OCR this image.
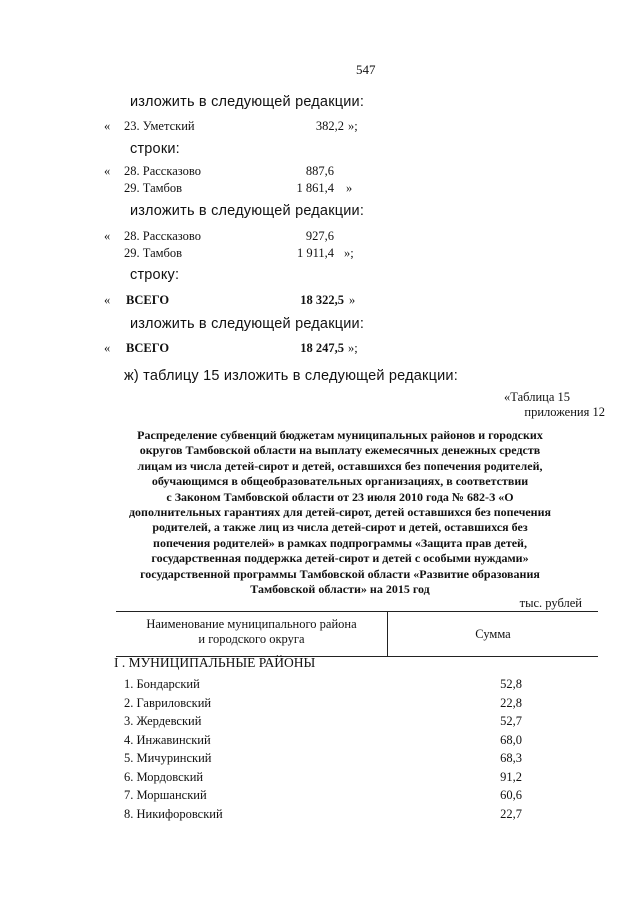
547
изложить в следующей редакции:
« 23. Уметский	382,2 »;
строки:
« 28. Рассказово	887,6
29. Тамбов	1 861,4 »
изложить в следующей редакции:
« 28. Рассказово	927,6
29. Тамбов	1 911,4 »;
строку:
« ВСЕГО	18 322,5 »
изложить в следующей редакции:
« ВСЕГО	18 247,5 »;
ж) таблицу 15 изложить в следующей редакции:
«Таблица 15
приложения 12
Распределение субвенций бюджетам муниципальных районов и городских
округов Тамбовской области на выплату ежемесячных денежных средств
лицам из числа детей-сирот и детей, оставшихся без попечения родителей,
обучающимся в общеобразовательных организациях, в соответствии
с Законом Тамбовской области от 23 июля 2010 года № 682-З «О
дополнительных гарантиях для детей-сирот, детей оставшихся без попечения
родителей, а также лиц из числа детей-сирот и детей, оставшихся без
попечения родителей» в рамках подпрограммы «Защита прав детей,
государственная поддержка детей-сирот и детей с особыми нуждами»
государственной программы Тамбовской области «Развитие образования
Тамбовской области» на 2015 год
тыс. рублей
Наименование муниципального района
и городского округа	Сумма
I . МУНИЦИПАЛЬНЫЕ РАЙОНЫ
1. Бондарский	52,8
2. Гавриловский	22,8
3. Жердевский	52,7
4. Инжавинский	68,0
5. Мичуринский	68,3
6. Мордовский	91,2
7. Моршанский	60,6
8. Никифоровский	22,7
